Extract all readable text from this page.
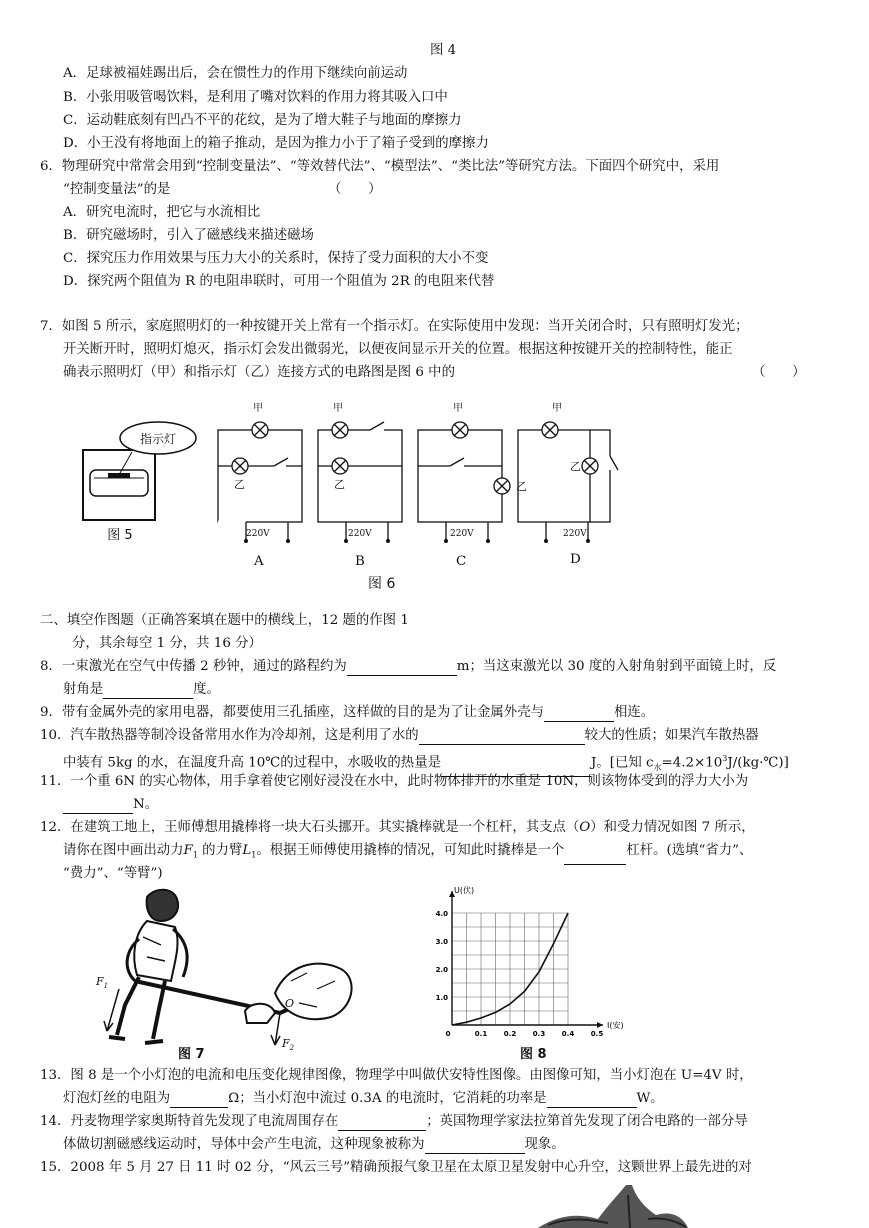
图 4
A．足球被福娃踢出后，会在惯性力的作用下继续向前运动
B．小张用吸管喝饮料，是利用了嘴对饮料的作用力将其吸入口中
C．运动鞋底刻有凹凸不平的花纹，是为了增大鞋子与地面的摩擦力
D．小王没有将地面上的箱子推动，是因为推力小于了箱子受到的摩擦力
6．物理研究中常常会用到“控制变量法”、“等效替代法”、“模型法”、“类比法”等研究方法。下面四个研究中，采用
“控制变量法”的是	（　　）
A．研究电流时，把它与水流相比
B．研究磁场时，引入了磁感线来描述磁场
C．探究压力作用效果与压力大小的关系时，保持了受力面积的大小不变
D．探究两个阻值为 R 的电阻串联时，可用一个阻值为 2R 的电阻来代替
7．如图 5 所示，家庭照明灯的一种按键开关上常有一个指示灯。在实际使用中发现：当开关闭合时，只有照明灯发光；
开关断开时，照明灯熄灭，指示灯会发出微弱光，以便夜间显示开关的位置。根据这种按键开关的控制特性，能正
确表示照明灯（甲）和指示灯（乙）连接方式的电路图是图 6 中的	（　　）
指示灯
图 5
甲
乙
220V
A
甲
乙
220V
B
甲
乙
220V
C
甲
乙
220V
D
图 6
二、填空作图题（正确答案填在题中的横线上，12 题的作图 1
分，其余每空 1 分，共 16 分）
8．一束激光在空气中传播 2 秒钟，通过的路程约为	m；当这束激光以 30 度的入射角射到平面镜上时，反
射角是	度。
9．带有金属外壳的家用电器，都要使用三孔插座，这样做的目的是为了让金属外壳与	相连。
10．汽车散热器等制冷设备常用水作为冷却剂，这是利用了水的	较大的性质；如果汽车散热器
中装有 5kg 的水，在温度升高 10℃的过程中，水吸收的热量是	J。[已知 $c_水=4.2\times 10^3J/(kg\cdot℃)$]
11．一个重 6N 的实心物体，用手拿着使它刚好浸没在水中，此时物体排开的水重是 10N，则该物体受到的浮力大小为
N。
12．在建筑工地上，王师傅想用撬棒将一块大石头挪开。其实撬棒就是一个杠杆，其支点（O）和受力情况如图 7 所示，
请你在图中画出动力$F_1$ 的力臂$L_1$。根据王师傅使用撬棒的情况，可知此时撬棒是一个	杠杆。(选填“省力”、
“费力”、“等臂”)
$F_1$
$F_2$
O
图 7
4.0
3.0
2.0
1.0
0	0.1 0.2 0.3 0.4 0.5
U(伏)
I(安)
图 8
13．图 8 是一个小灯泡的电流和电压变化规律图像，物理学中叫做伏安特性图像。由图像可知，当小灯泡在 U=4V 时，
灯泡灯丝的电阻为	Ω；当小灯泡中流过 0.3A 的电流时，它消耗的功率是	W。
14．丹麦物理学家奥斯特首先发现了电流周围存在	；英国物理学家法拉第首先发现了闭合电路的一部分导
体做切割磁感线运动时，导体中会产生电流，这种现象被称为	现象。
15．2008 年 5 月 27 日 11 时 02 分，“风云三号”精确预报气象卫星在太原卫星发射中心升空，这颗世界上最先进的对
